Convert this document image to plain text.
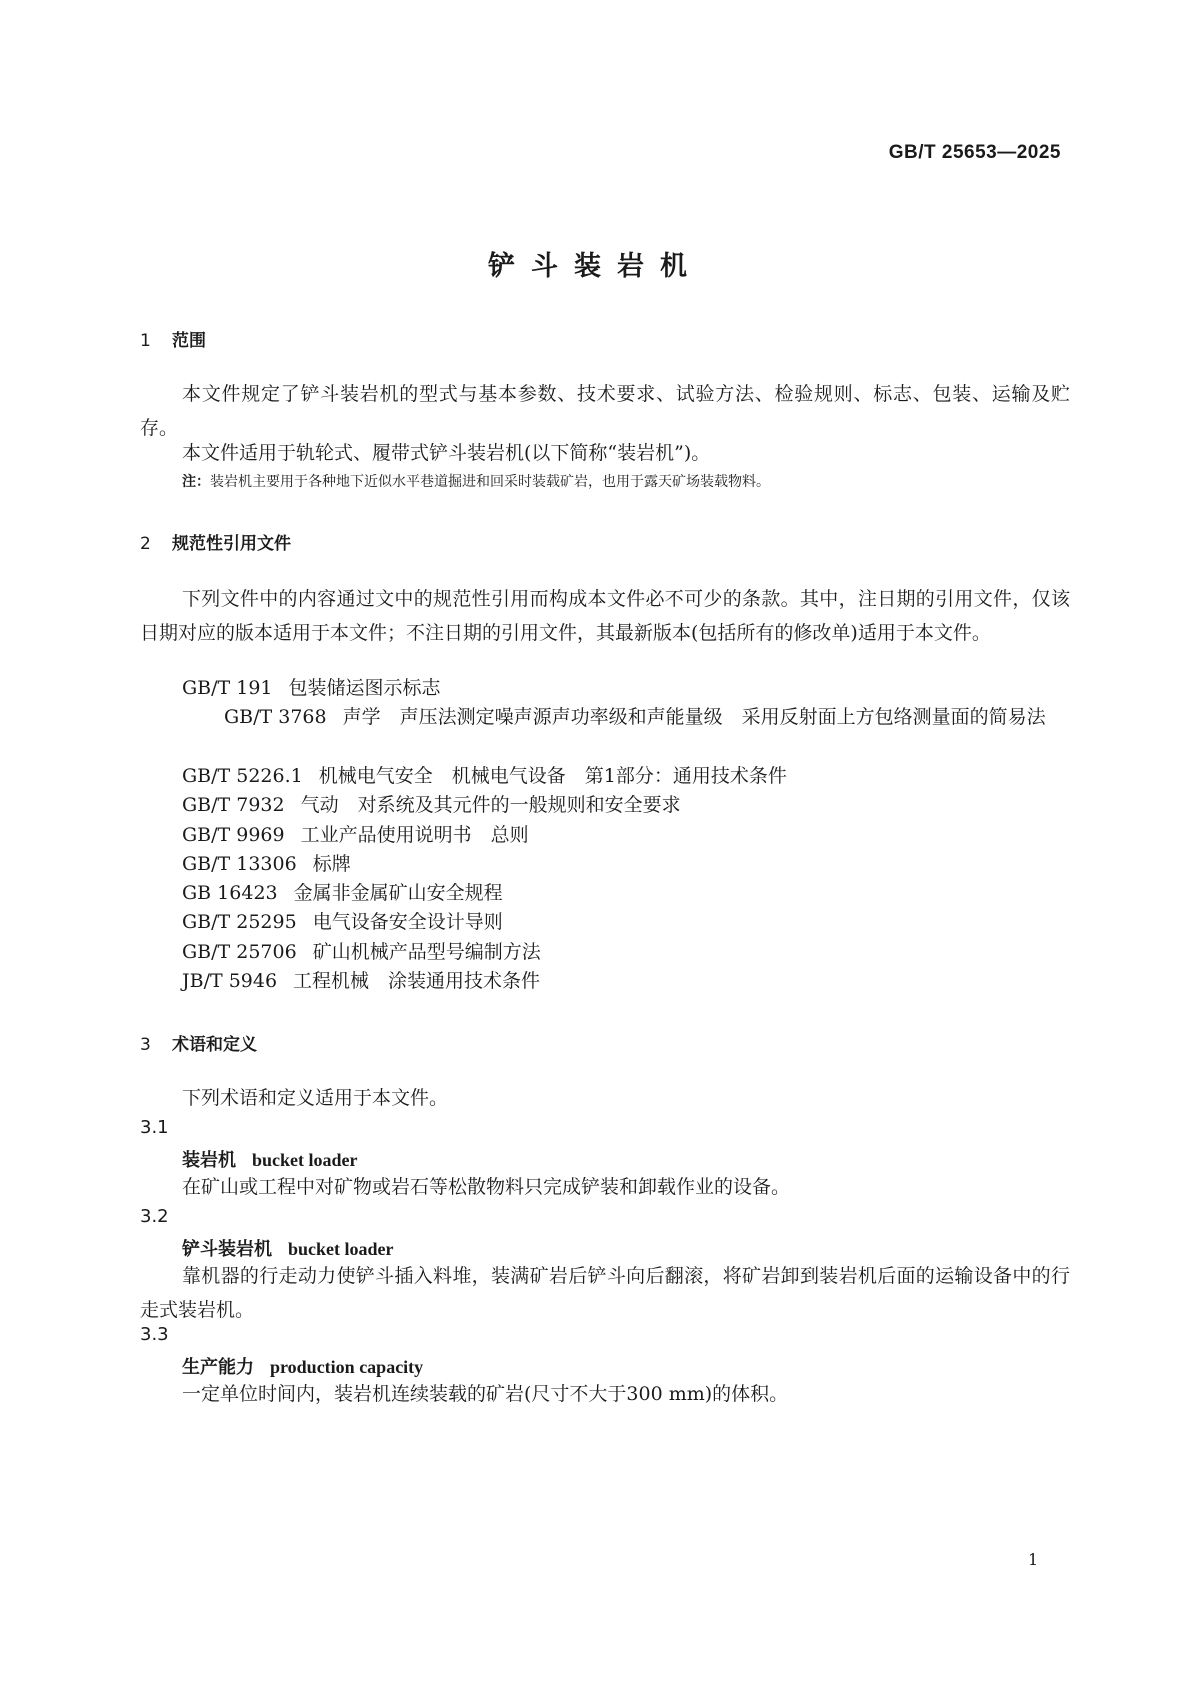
GB/T 25653—2025
铲斗装岩机
1 范围
本文件规定了铲斗装岩机的型式与基本参数、技术要求、试验方法、检验规则、标志、包装、运输及贮存。
本文件适用于轨轮式、履带式铲斗装岩机(以下简称“装岩机”)。
注：装岩机主要用于各种地下近似水平巷道掘进和回采时装载矿岩，也用于露天矿场装载物料。
2 规范性引用文件
下列文件中的内容通过文中的规范性引用而构成本文件必不可少的条款。其中，注日期的引用文件，仅该日期对应的版本适用于本文件；不注日期的引用文件，其最新版本(包括所有的修改单)适用于本文件。
GB/T 191 包装储运图示标志
GB/T 3768 声学　声压法测定噪声源声功率级和声能量级　采用反射面上方包络测量面的简易法
GB/T 5226.1 机械电气安全　机械电气设备　第1部分：通用技术条件
GB/T 7932 气动　对系统及其元件的一般规则和安全要求
GB/T 9969 工业产品使用说明书　总则
GB/T 13306 标牌
GB 16423 金属非金属矿山安全规程
GB/T 25295 电气设备安全设计导则
GB/T 25706 矿山机械产品型号编制方法
JB/T 5946 工程机械　涂装通用技术条件
3 术语和定义
下列术语和定义适用于本文件。
3.1
装岩机 bucket loader
在矿山或工程中对矿物或岩石等松散物料只完成铲装和卸载作业的设备。
3.2
铲斗装岩机 bucket loader
靠机器的行走动力使铲斗插入料堆，装满矿岩后铲斗向后翻滚，将矿岩卸到装岩机后面的运输设备中的行走式装岩机。
3.3
生产能力 production capacity
一定单位时间内，装岩机连续装载的矿岩(尺寸不大于300 mm)的体积。
1
